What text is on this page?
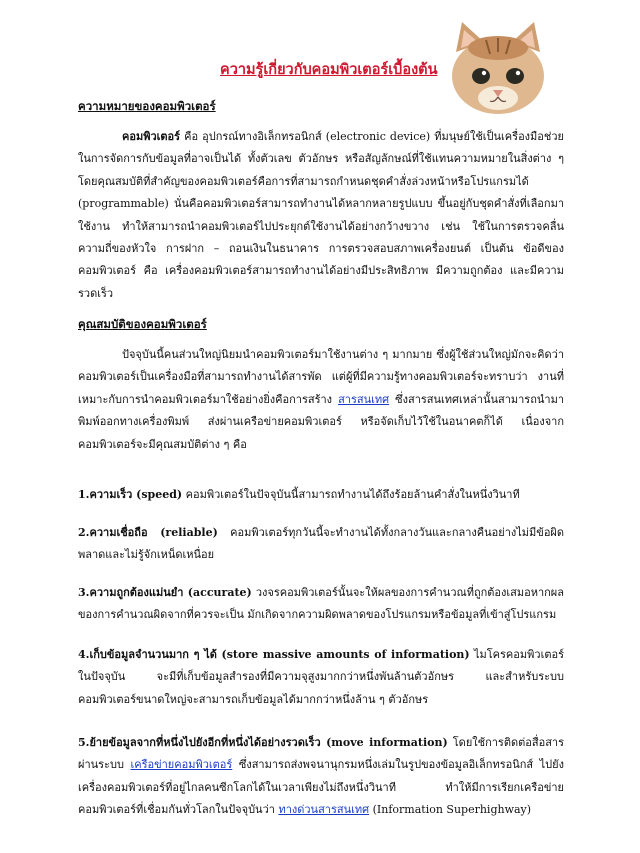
ความรู้เกี่ยวกับคอมพิวเตอร์เบื้องต้น
ความหมายของคอมพิวเตอร์
คอมพิวเตอร์ คือ อุปกรณ์ทางอิเล็กทรอนิกส์ (electronic device) ที่มนุษย์ใช้เป็นเครื่องมือช่วยในการจัดการกับข้อมูลที่อาจเป็นได้ ทั้งตัวเลข ตัวอักษร หรือสัญลักษณ์ที่ใช้แทนความหมายในสิ่งต่าง ๆ โดยคุณสมบัติที่สำคัญของคอมพิวเตอร์คือการที่สามารถกำหนดชุดคำสั่งล่วงหน้าหรือโปรแกรมได้ (programmable) นั่นคือคอมพิวเตอร์สามารถทำงานได้หลากหลายรูปแบบ ขึ้นอยู่กับชุดคำสั่งที่เลือกมาใช้งาน ทำให้สามารถนำคอมพิวเตอร์ไปประยุกต์ใช้งานได้อย่างกว้างขวาง เช่น ใช้ในการตรวจคลื่นความถี่ของหัวใจ การฝาก – ถอนเงินในธนาคาร การตรวจสอบสภาพเครื่องยนต์ เป็นต้น ข้อดีของคอมพิวเตอร์ คือ เครื่องคอมพิวเตอร์สามารถทำงานได้อย่างมีประสิทธิภาพ มีความถูกต้อง และมีความรวดเร็ว
คุณสมบัติของคอมพิวเตอร์
ปัจจุบันนี้คนส่วนใหญ่นิยมนำคอมพิวเตอร์มาใช้งานต่าง ๆ มากมาย ซึ่งผู้ใช้ส่วนใหญ่มักจะคิดว่าคอมพิวเตอร์เป็นเครื่องมือที่สามารถทำงานได้สารพัด แต่ผู้ที่มีความรู้ทางคอมพิวเตอร์จะทราบว่า งานที่เหมาะกับการนำคอมพิวเตอร์มาใช้อย่างยิ่งคือการสร้าง สารสนเทศ ซึ่งสารสนเทศเหล่านั้นสามารถนำมาพิมพ์ออกทางเครื่องพิมพ์ ส่งผ่านเครือข่ายคอมพิวเตอร์ หรือจัดเก็บไว้ใช้ในอนาคตก็ได้ เนื่องจากคอมพิวเตอร์จะมีคุณสมบัติต่าง ๆ คือ
1.ความเร็ว (speed) คอมพิวเตอร์ในปัจจุบันนี้สามารถทำงานได้ถึงร้อยล้านคำสั่งในหนึ่งวินาที
2.ความเชื่อถือ (reliable) คอมพิวเตอร์ทุกวันนี้จะทำงานได้ทั้งกลางวันและกลางคืนอย่างไม่มีข้อผิดพลาดและไม่รู้จักเหน็ดเหนื่อย
3.ความถูกต้องแม่นยำ (accurate) วงจรคอมพิวเตอร์นั้นจะให้ผลของการคำนวณที่ถูกต้องเสมอหากผลของการคำนวณผิดจากที่ควรจะเป็น มักเกิดจากความผิดพลาดของโปรแกรมหรือข้อมูลที่เข้าสู่โปรแกรม
4.เก็บข้อมูลจำนวนมาก ๆ ได้ (store massive amounts of information) ไมโครคอมพิวเตอร์ในปัจจุบัน จะมีที่เก็บข้อมูลสำรองที่มีความจุสูงมากกว่าหนึ่งพันล้านตัวอักษร และสำหรับระบบคอมพิวเตอร์ขนาดใหญ่จะสามารถเก็บข้อมูลได้มากกว่าหนึ่งล้าน ๆ ตัวอักษร
5.ย้ายข้อมูลจากที่หนึ่งไปยังอีกที่หนึ่งได้อย่างรวดเร็ว (move information) โดยใช้การติดต่อสื่อสารผ่านระบบ เครือข่ายคอมพิวเตอร์ ซึ่งสามารถส่งพจนานุกรมหนึ่งเล่มในรูปของข้อมูลอิเล็กทรอนิกส์ ไปยังเครื่องคอมพิวเตอร์ที่อยู่ไกลคนซีกโลกได้ในเวลาเพียงไม่ถึงหนึ่งวินาที ทำให้มีการเรียกเครือข่ายคอมพิวเตอร์ที่เชื่อมกันทั่วโลกในปัจจุบันว่า ทางด่วนสารสนเทศ (Information Superhighway)
